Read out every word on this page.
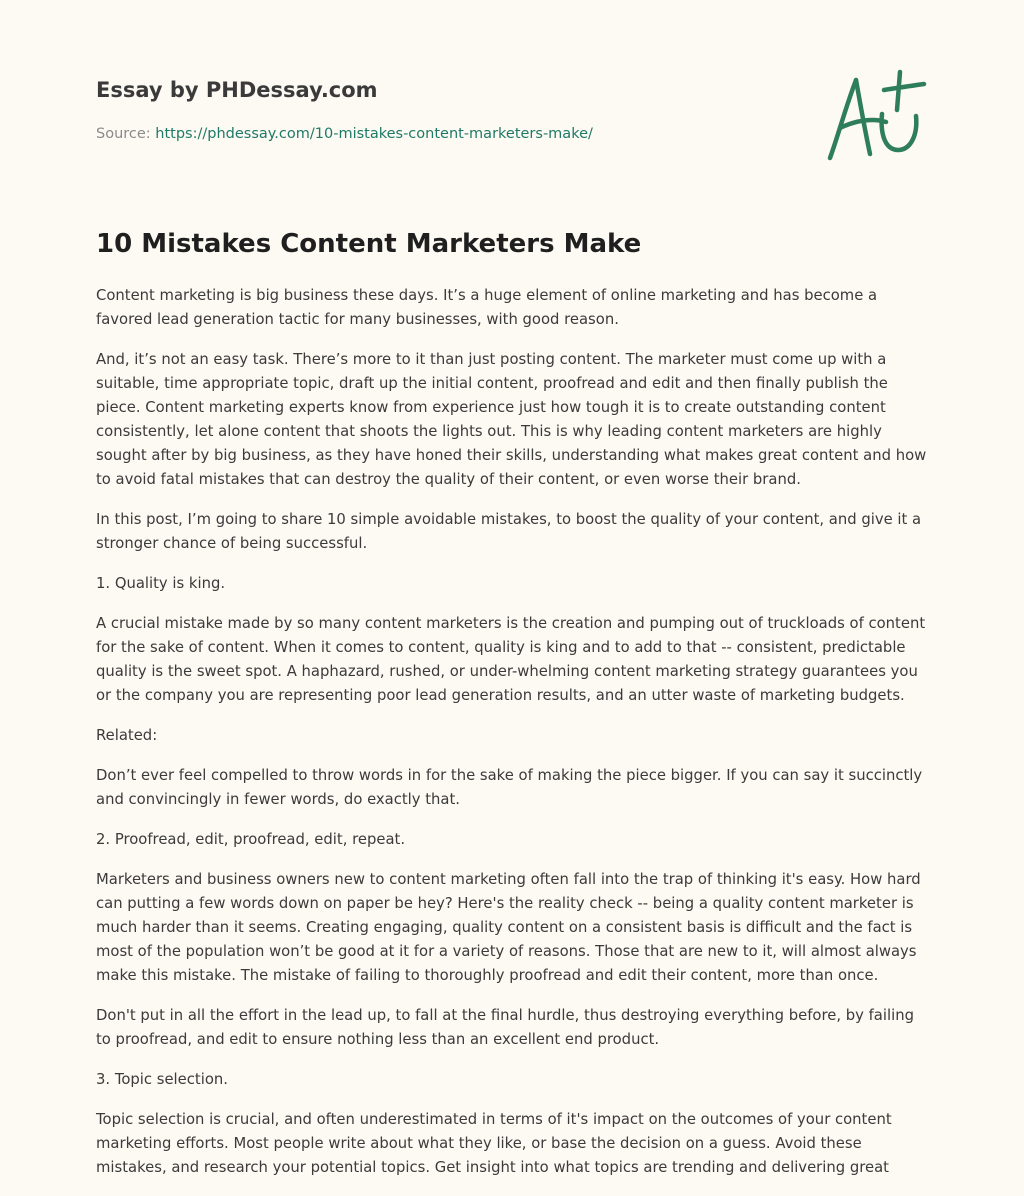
Essay by PHDessay.com
Source: https://phdessay.com/10-mistakes-content-marketers-make/
10 Mistakes Content Marketers Make

Content marketing is big business these days. It’s a huge element of online marketing and has become a favored lead generation tactic for many businesses, with good reason.

And, it’s not an easy task. There’s more to it than just posting content. The marketer must come up with a suitable, time appropriate topic, draft up the initial content, proofread and edit and then finally publish the piece. Content marketing experts know from experience just how tough it is to create outstanding content consistently, let alone content that shoots the lights out. This is why leading content marketers are highly sought after by big business, as they have honed their skills, understanding what makes great content and how to avoid fatal mistakes that can destroy the quality of their content, or even worse their brand.

In this post, I’m going to share 10 simple avoidable mistakes, to boost the quality of your content, and give it a stronger chance of being successful.

1. Quality is king.

A crucial mistake made by so many content marketers is the creation and pumping out of truckloads of content for the sake of content. When it comes to content, quality is king and to add to that -- consistent, predictable quality is the sweet spot. A haphazard, rushed, or under-whelming content marketing strategy guarantees you or the company you are representing poor lead generation results, and an utter waste of marketing budgets.

Related:

Don’t ever feel compelled to throw words in for the sake of making the piece bigger. If you can say it succinctly and convincingly in fewer words, do exactly that.

2. Proofread, edit, proofread, edit, repeat.

Marketers and business owners new to content marketing often fall into the trap of thinking it's easy. How hard can putting a few words down on paper be hey? Here's the reality check -- being a quality content marketer is much harder than it seems. Creating engaging, quality content on a consistent basis is difficult and the fact is most of the population won’t be good at it for a variety of reasons. Those that are new to it, will almost always make this mistake. The mistake of failing to thoroughly proofread and edit their content, more than once.

Don't put in all the effort in the lead up, to fall at the final hurdle, thus destroying everything before, by failing to proofread, and edit to ensure nothing less than an excellent end product.

3. Topic selection.

Topic selection is crucial, and often underestimated in terms of it's impact on the outcomes of your content marketing efforts. Most people write about what they like, or base the decision on a guess. Avoid these mistakes, and research your potential topics. Get insight into what topics are trending and delivering great
